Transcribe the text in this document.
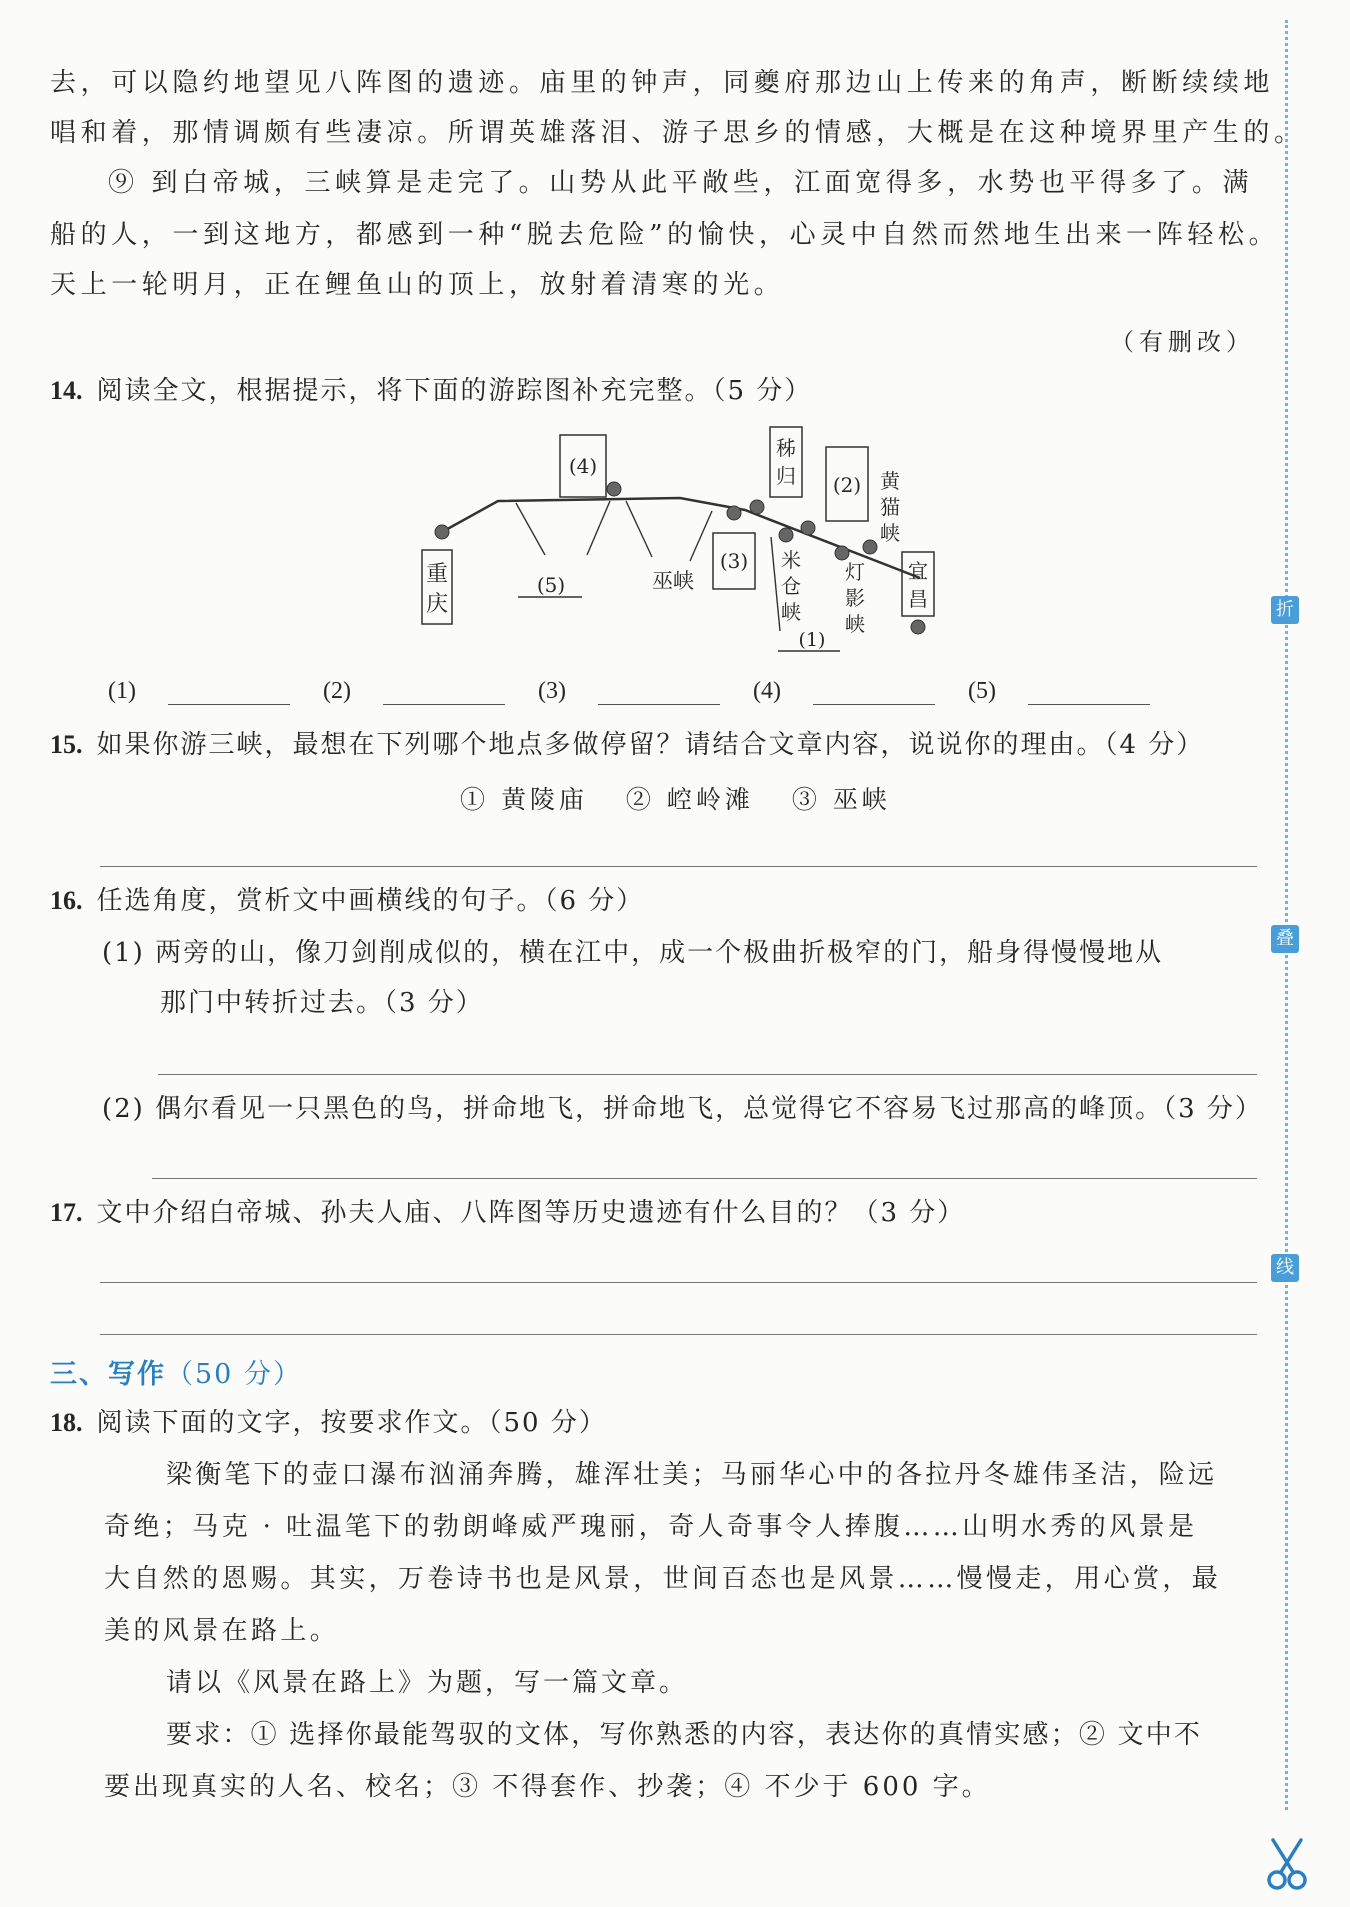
去，可以隐约地望见八阵图的遗迹。庙里的钟声，同夔府那边山上传来的角声，断断续续地
唱和着，那情调颇有些凄凉。所谓英雄落泪、游子思乡的情感，大概是在这种境界里产生的。
⑨ 到白帝城，三峡算是走完了。山势从此平敞些，江面宽得多，水势也平得多了。满
船的人，一到这地方，都感到一种“脱去危险”的愉快，心灵中自然而然地生出来一阵轻松。
天上一轮明月，正在鲤鱼山的顶上，放射着清寒的光。
（有删改）
14. 阅读全文，根据提示，将下面的游踪图补充完整。（5 分）
重
庆
(4)
(5)	巫峡
(3)
秭
归 (2) 黄
猫
峡
米
仓
峡
灯
影
峡
(1)
宜
昌
(1)	(2)	(3)	(4)	(5)
15. 如果你游三峡，最想在下列哪个地点多做停留？请结合文章内容，说说你的理由。（4 分）
① 黄陵庙 ② 崆岭滩 ③ 巫峡
16. 任选角度，赏析文中画横线的句子。（6 分）
(1) 两旁的山，像刀剑削成似的，横在江中，成一个极曲折极窄的门，船身得慢慢地从
那门中转折过去。（3 分）
(2) 偶尔看见一只黑色的鸟，拼命地飞，拼命地飞，总觉得它不容易飞过那高的峰顶。（3 分）
17. 文中介绍白帝城、孙夫人庙、八阵图等历史遗迹有什么目的？（3 分）
三、写作（50 分）
18. 阅读下面的文字，按要求作文。（50 分）
梁衡笔下的壶口瀑布汹涌奔腾，雄浑壮美；马丽华心中的各拉丹冬雄伟圣洁，险远
奇绝；马克 · 吐温笔下的勃朗峰威严瑰丽，奇人奇事令人捧腹……山明水秀的风景是
大自然的恩赐。其实，万卷诗书也是风景，世间百态也是风景……慢慢走，用心赏，最
美的风景在路上。
请以《风景在路上》为题，写一篇文章。
要求：① 选择你最能驾驭的文体，写你熟悉的内容，表达你的真情实感；② 文中不
要出现真实的人名、校名；③ 不得套作、抄袭；④ 不少于 600 字。
折
叠
线
